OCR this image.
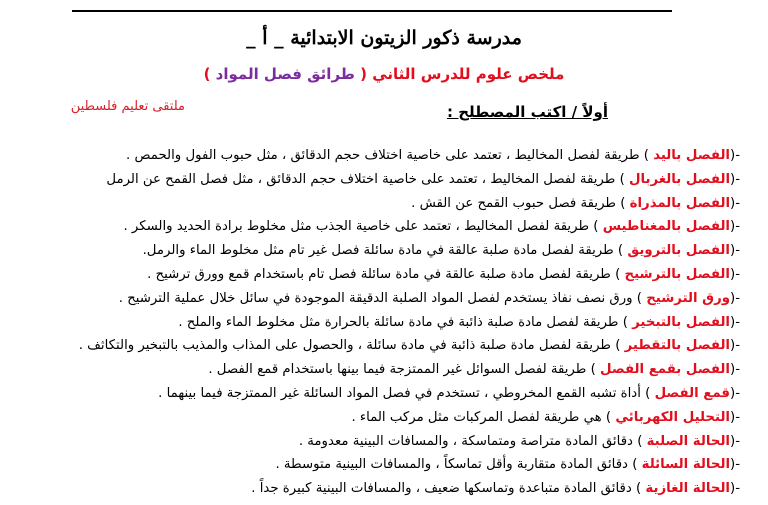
مدرسة ذكور الزيتون الابتدائية _ أ _
ملخص علوم للدرس الثاني ( طرائق فصل المواد )
ملتقى تعليم فلسطين	أولاً / اكتب المصطلح :
-(الفصل باليد ) طريقة لفصل المخاليط ، تعتمد على خاصية اختلاف حجم الدقائق ، مثل حبوب الفول والحمص .
-(الفصل بالغربال ) طريقة لفصل المخاليط ، تعتمد على خاصية اختلاف حجم الدقائق ، مثل فصل القمح عن الرمل
-(الفصل بالمذراة ) طريقة فصل حبوب القمح عن القش .
-(الفصل بالمغناطيس ) طريقة لفصل المخاليط ، تعتمد على خاصية الجذب مثل مخلوط برادة الحديد والسكر .
-(الفصل بالترويق ) طريقة لفصل مادة صلبة عالقة في مادة سائلة فصل غير تام مثل مخلوط الماء والرمل.
-(الفصل بالترشيح ) طريقة لفصل مادة صلبة عالقة في مادة سائلة فصل تام باستخدام قمع وورق ترشيح .
-(ورق الترشيح ) ورق نصف نفاذ يستخدم لفصل المواد الصلبة الدقيقة الموجودة في سائل خلال عملية الترشيح .
-(الفصل بالتبخير ) طريقة لفصل مادة صلبة ذائبة في مادة سائلة بالحرارة مثل مخلوط الماء والملح .
-(الفصل بالتقطير ) طريقة لفصل مادة صلبة ذائبة في مادة سائلة ، والحصول على المذاب والمذيب بالتبخير والتكاثف .
-(الفصل بقمع الفصل ) طريقة لفصل السوائل غير الممتزجة فيما بينها باستخدام قمع الفصل .
-(قمع الفصل ) أداة تشبه القمع المخروطي ، تستخدم في فصل المواد السائلة غير الممتزجة فيما بينهما .
-(التحليل الكهربائي ) هي طريقة لفصل المركبات مثل مركب الماء .
-(الحالة الصلبة ) دقائق المادة متراصة ومتماسكة ، والمسافات البينية معدومة .
-(الحالة السائلة ) دقائق المادة متقاربة وأقل تماسكاً ، والمسافات البينية متوسطة .
-(الحالة الغازية ) دقائق المادة متباعدة وتماسكها ضعيف ، والمسافات البينية كبيرة جداً .
